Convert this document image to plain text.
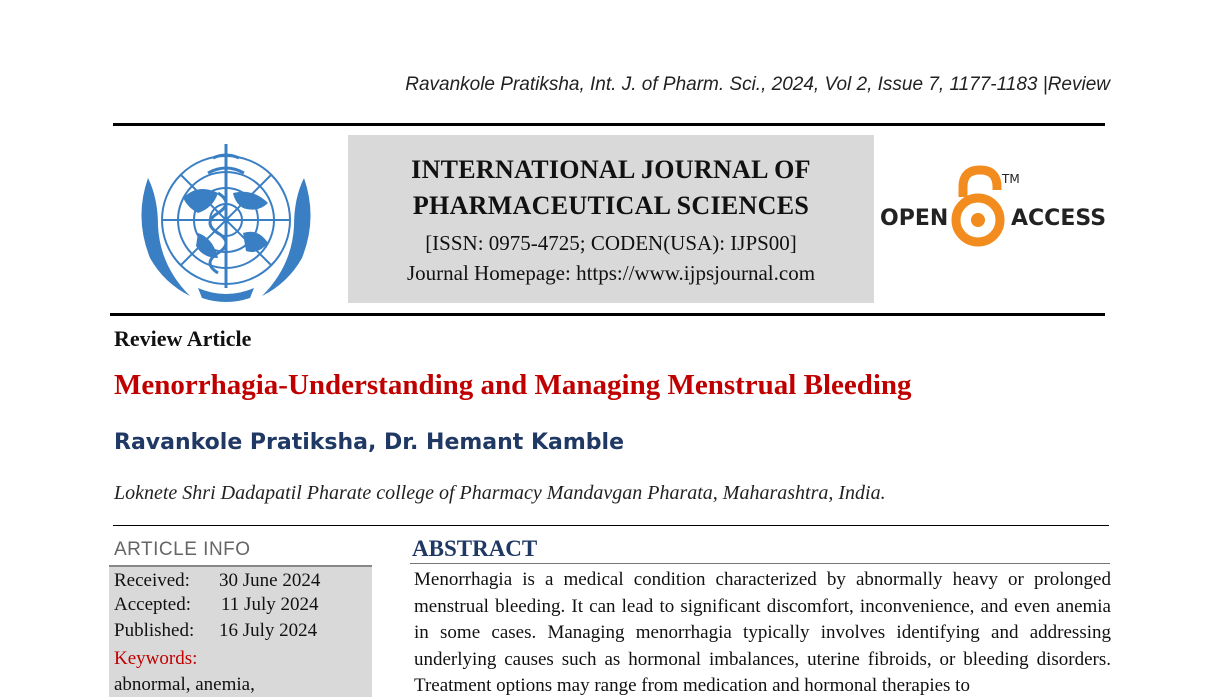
Ravankole Pratiksha, Int. J. of Pharm. Sci., 2024, Vol 2, Issue 7, 1177-1183 |Review
INTERNATIONAL JOURNAL OF
PHARMACEUTICAL SCIENCES
[ISSN: 0975-4725; CODEN(USA): IJPS00]
Journal Homepage: https://www.ijpsjournal.com
OPEN
TM
ACCESS
Review Article
Menorrhagia-Understanding and Managing Menstrual Bleeding
Ravankole Pratiksha, Dr. Hemant Kamble
Loknete Shri Dadapatil Pharate college of Pharmacy Mandavgan Pharata, Maharashtra, India.
ARTICLE INFO
Received: 30 June 2024
Accepted: 11 July 2024
Published: 16 July 2024
Keywords:
abnormal, anemia,
ABSTRACT
Menorrhagia is a medical condition characterized by abnormally heavy or prolonged menstrual bleeding. It can lead to significant discomfort, inconvenience, and even anemia in some cases. Managing menorrhagia typically involves identifying and addressing underlying causes such as hormonal imbalances, uterine fibroids, or bleeding disorders. Treatment options may range from medication and hormonal therapies to
